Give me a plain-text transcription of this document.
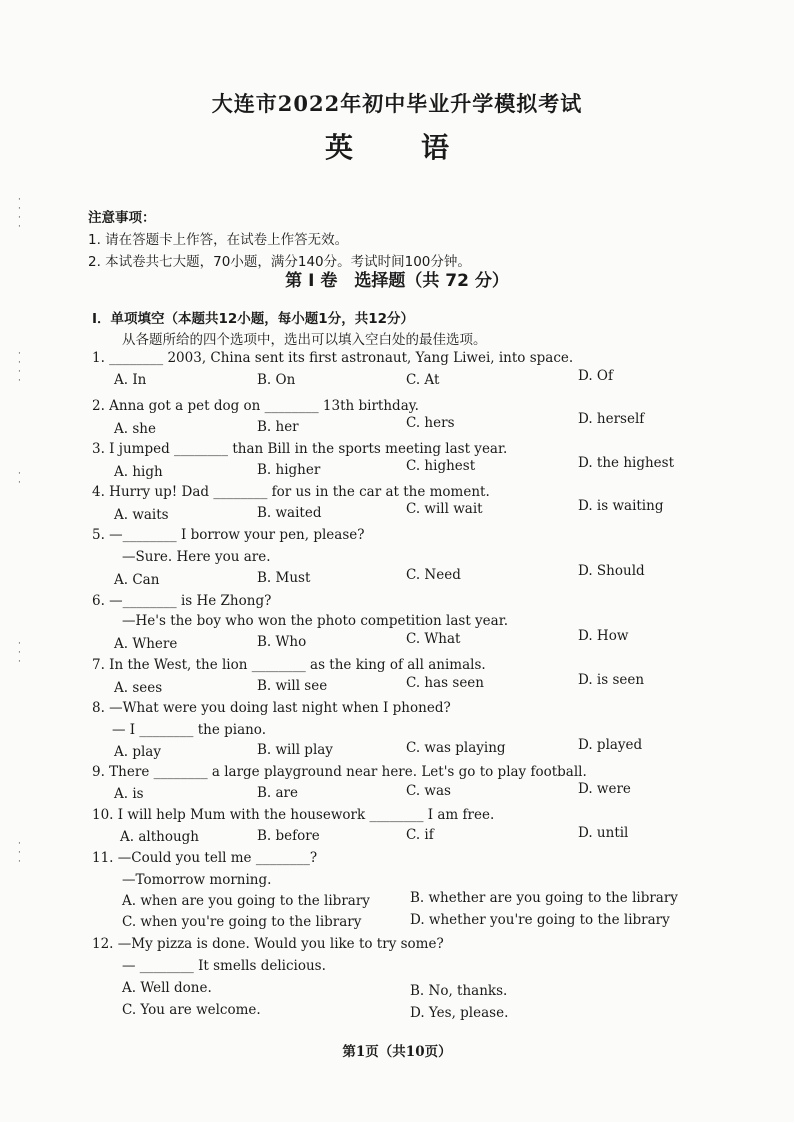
大连市2022年初中毕业升学模拟考试
英　语
·
·
·
·
·
·
·
·
·
·
·
·
·
·
·
·
注意事项：
1. 请在答题卡上作答，在试卷上作答无效。
2. 本试卷共七大题，70小题，满分140分。考试时间100分钟。
第 I 卷　选择题（共 72 分）
Ⅰ．单项填空（本题共12小题，每小题1分，共12分）
从各题所给的四个选项中，选出可以填入空白处的最佳选项。
1. ________ 2003, China sent its first astronaut, Yang Liwei, into space.
A. In	B. On	C. At	D. Of
2. Anna got a pet dog on ________ 13th birthday.
A. she	B. her	C. hers	D. herself
3. I jumped ________ than Bill in the sports meeting last year.
A. high	B. higher	C. highest	D. the highest
4. Hurry up! Dad ________ for us in the car at the moment.
A. waits	B. waited	C. will wait	D. is waiting
5. —________ I borrow your pen, please?
—Sure. Here you are.
A. Can	B. Must	C. Need	D. Should
6. —________ is He Zhong?
—He's the boy who won the photo competition last year.
A. Where	B. Who	C. What	D. How
7. In the West, the lion ________ as the king of all animals.
A. sees	B. will see	C. has seen	D. is seen
8. —What were you doing last night when I phoned?
— I ________ the piano.
A. play	B. will play	C. was playing	D. played
9. There ________ a large playground near here. Let's go to play football.
A. is	B. are	C. was	D. were
10. I will help Mum with the housework ________ I am free.
A. although	B. before	C. if	D. until
11. —Could you tell me ________?
—Tomorrow morning.
A. when are you going to the library	B. whether are you going to the library
C. when you're going to the library	D. whether you're going to the library
12. —My pizza is done. Would you like to try some?
— ________ It smells delicious.
A. Well done.	B. No, thanks.
C. You are welcome.	D. Yes, please.
第1页（共10页）
